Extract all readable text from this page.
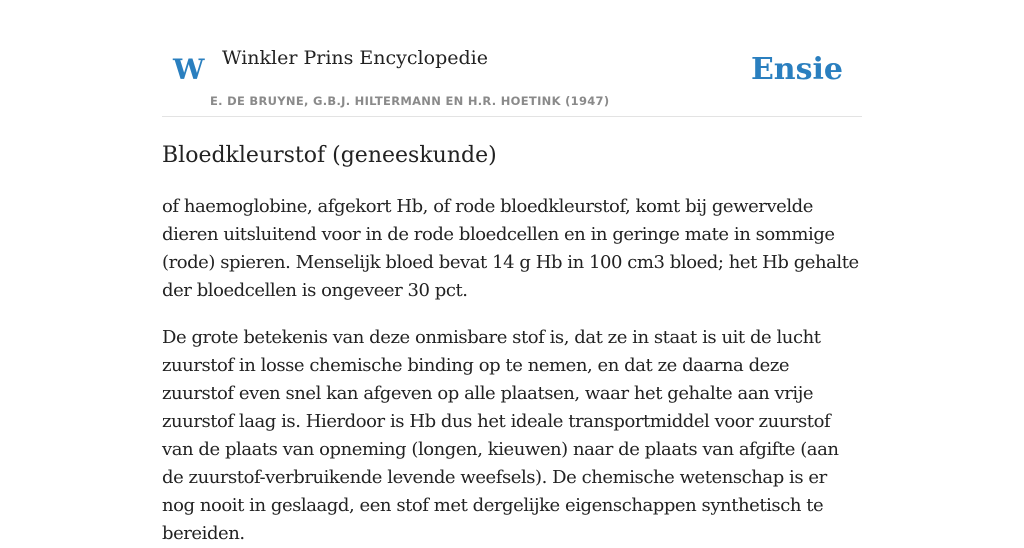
W Winkler Prins Encyclopedie
E. DE BRUYNE, G.B.J. HILTERMANN EN H.R. HOETINK (1947)
Ensie
Bloedkleurstof (geneeskunde)

of haemoglobine, afgekort Hb, of rode bloedkleurstof, komt bij gewervelde dieren uitsluitend voor in de rode bloedcellen en in geringe mate in sommige (rode) spieren. Menselijk bloed bevat 14 g Hb in 100 cm3 bloed; het Hb gehalte der bloedcellen is ongeveer 30 pct.

De grote betekenis van deze onmisbare stof is, dat ze in staat is uit de lucht zuurstof in losse chemische binding op te nemen, en dat ze daarna deze zuurstof even snel kan afgeven op alle plaatsen, waar het gehalte aan vrije zuurstof laag is. Hierdoor is Hb dus het ideale transportmiddel voor zuurstof van de plaats van opneming (longen, kieuwen) naar de plaats van afgifte (aan de zuurstof-verbruikende levende weefsels). De chemische wetenschap is er nog nooit in geslaagd, een stof met dergelijke eigenschappen synthetisch te bereiden.
